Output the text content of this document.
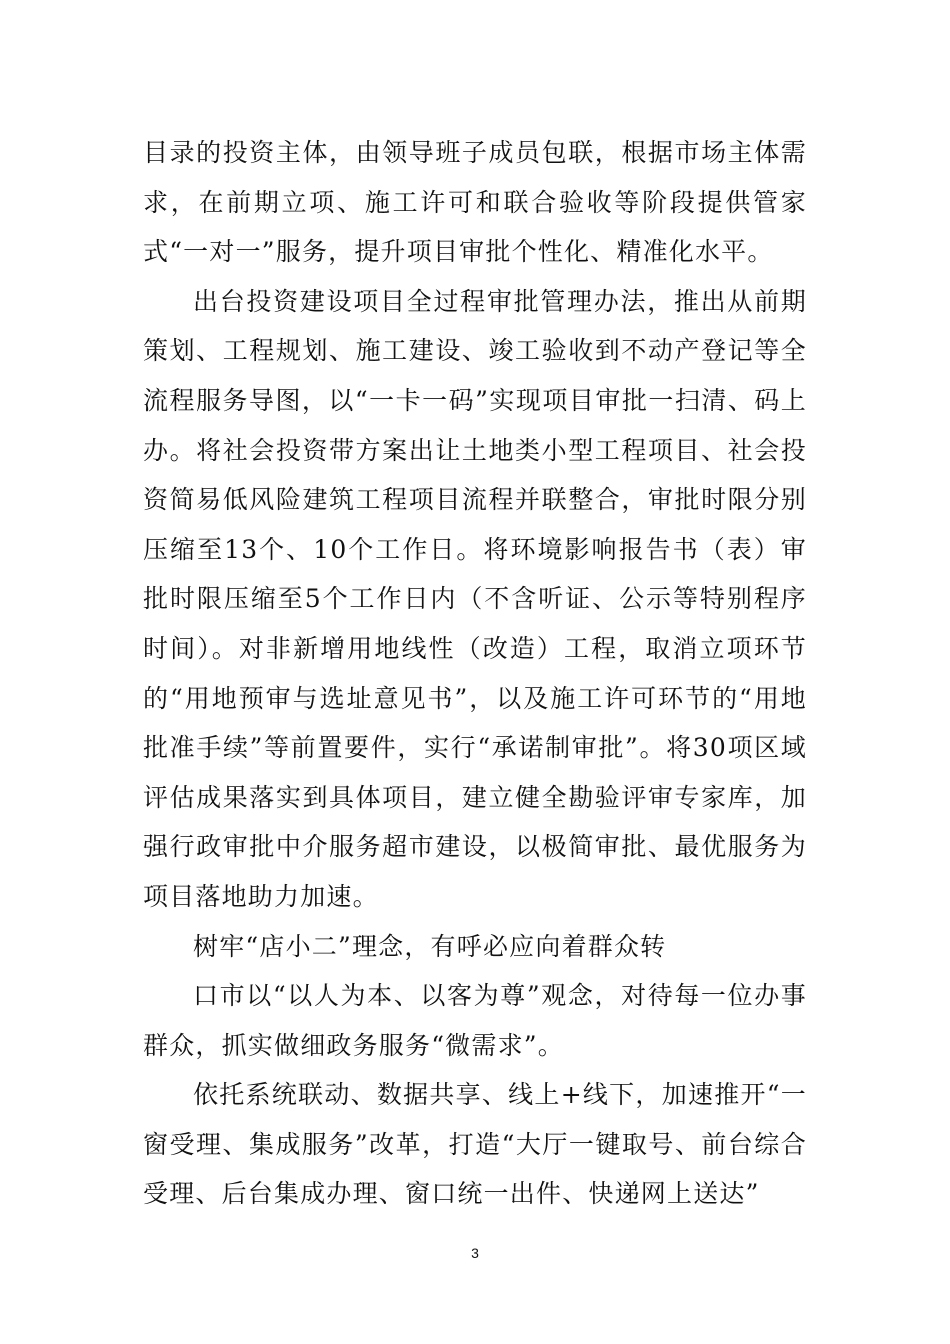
目录的投资主体，由领导班子成员包联，根据市场主体需求，在前期立项、施工许可和联合验收等阶段提供管家式“一对一”服务，提升项目审批个性化、精准化水平。

出台投资建设项目全过程审批管理办法，推出从前期策划、工程规划、施工建设、竣工验收到不动产登记等全流程服务导图，以“一卡一码”实现项目审批一扫清、码上办。将社会投资带方案出让土地类小型工程项目、社会投资简易低风险建筑工程项目流程并联整合，审批时限分别压缩至13个、10个工作日。将环境影响报告书（表）审批时限压缩至5个工作日内（不含听证、公示等特别程序时间）。对非新增用地线性（改造）工程，取消立项环节的“用地预审与选址意见书”，以及施工许可环节的“用地批准手续”等前置要件，实行“承诺制审批”。将30项区域评估成果落实到具体项目，建立健全勘验评审专家库，加强行政审批中介服务超市建设，以极简审批、最优服务为项目落地助力加速。

树牢“店小二”理念，有呼必应向着群众转

口市以“以人为本、以客为尊”观念，对待每一位办事群众，抓实做细政务服务“微需求”。

依托系统联动、数据共享、线上+线下，加速推开“一窗受理、集成服务”改革，打造“大厅一键取号、前台综合受理、后台集成办理、窗口统一出件、快递网上送达”

3
